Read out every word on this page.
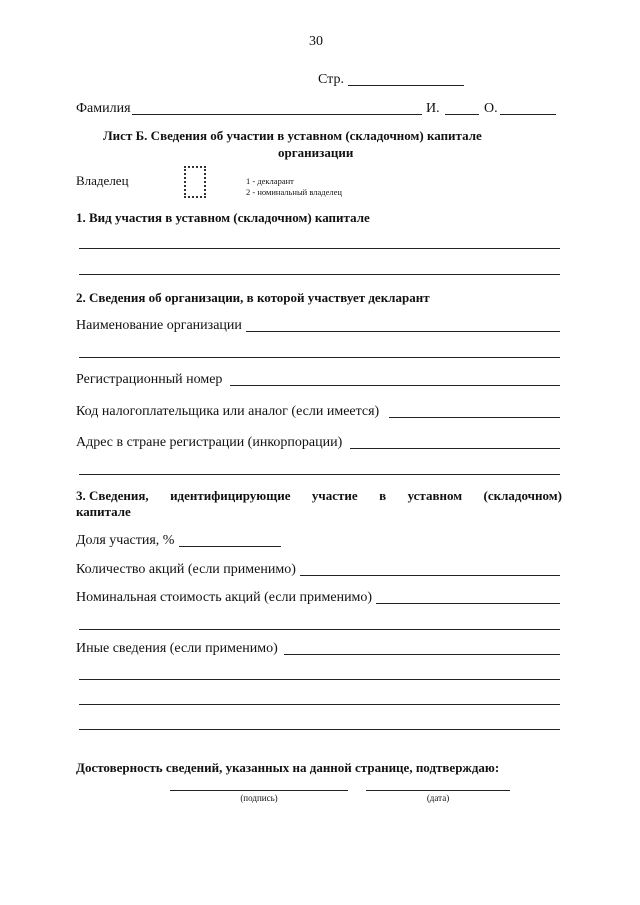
30
Стр.
Фамилия	И.	О.
Лист Б. Сведения об участии в уставном (складочном) капитале
организации
Владелец	1 - декларант
2 - номинальный владелец
1. Вид участия в уставном (складочном) капитале
2. Сведения об организации, в которой участвует декларант
Наименование организации
Регистрационный номер
Код налогоплательщика или аналог (если имеется)
Адрес в стране регистрации (инкорпорации)
3. Сведения, идентифицирующие участие в уставном (складочном)
капитале
Доля участия, %
Количество акций (если применимо)
Номинальная стоимость акций (если применимо)
Иные сведения (если применимо)
Достоверность сведений, указанных на данной странице, подтверждаю:
(подпись)	(дата)
